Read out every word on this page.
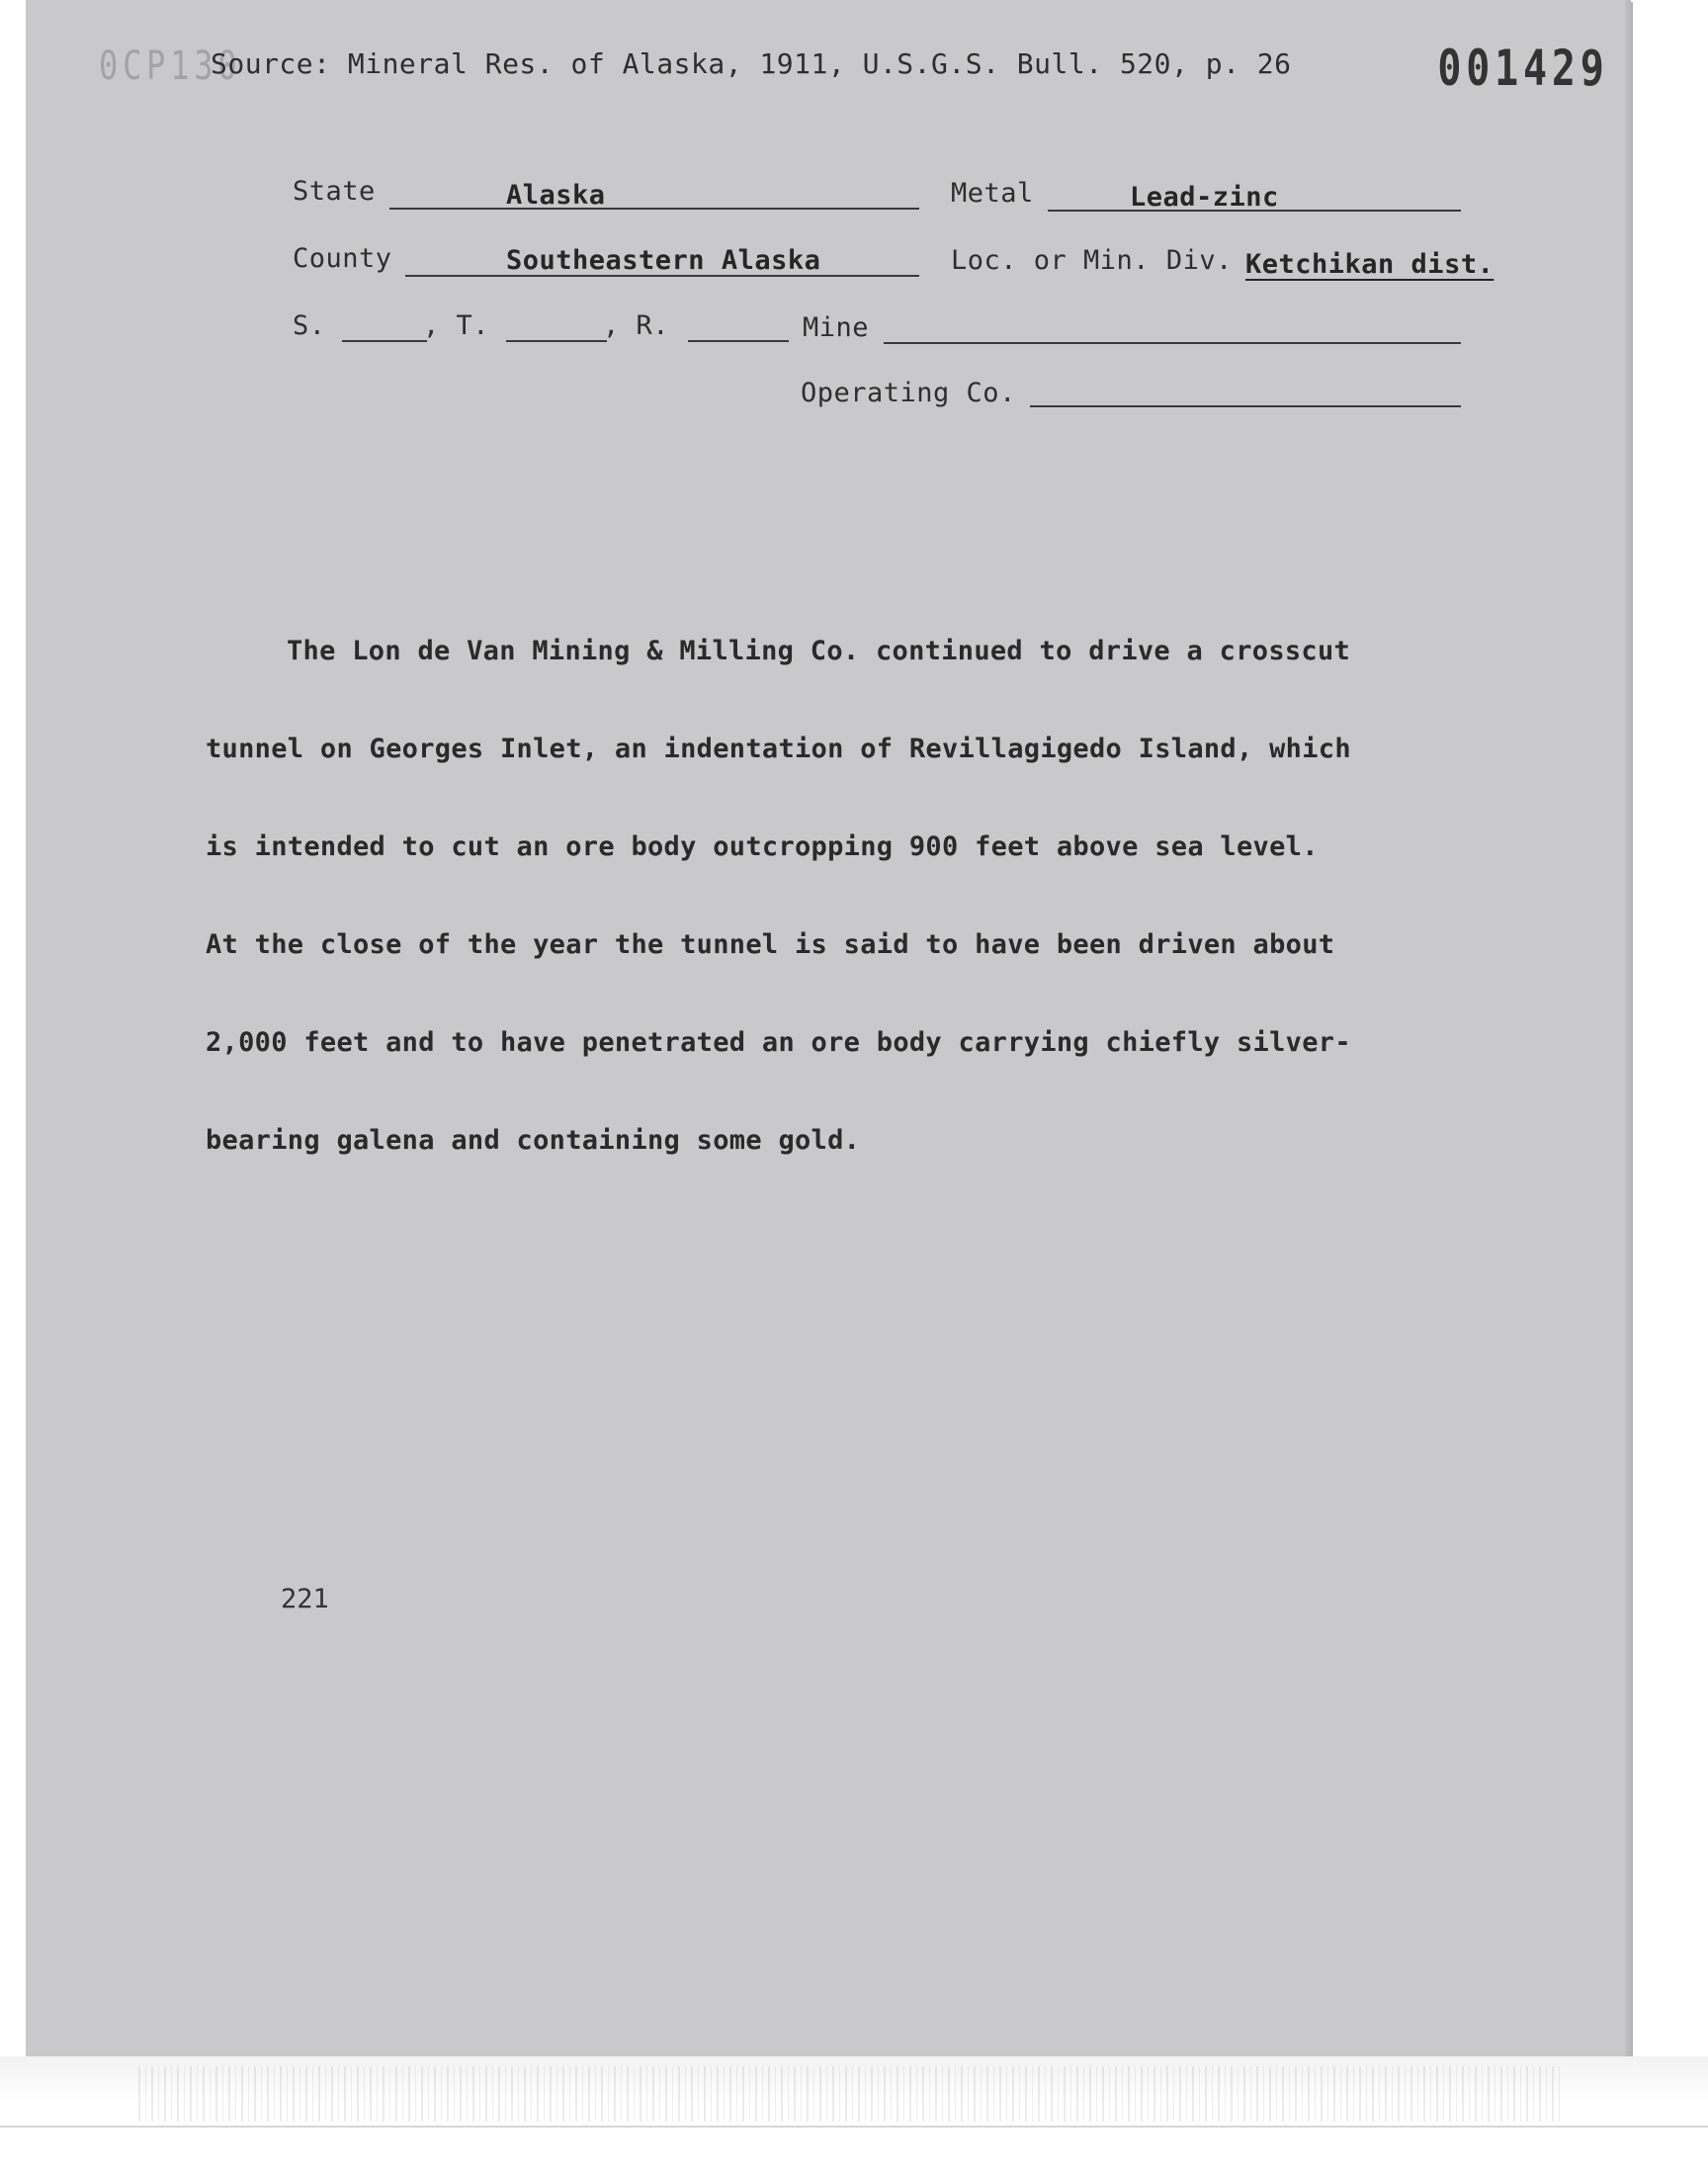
0CP130
Source: Mineral Res. of Alaska, 1911, U.S.G.S. Bull. 520, p. 26	001429
State	Alaska	Metal	Lead-zinc
County	Southeastern Alaska	Loc. or Min. Div. Ketchikan dist.
S.	, T.	, R.	Mine
Operating Co.

The Lon de Van Mining & Milling Co. continued to drive a crosscut

tunnel on Georges Inlet, an indentation of Revillagigedo Island, which

is intended to cut an ore body outcropping 900 feet above sea level.

At the close of the year the tunnel is said to have been driven about

2,000 feet and to have penetrated an ore body carrying chiefly silver-

bearing galena and containing some gold.

221
